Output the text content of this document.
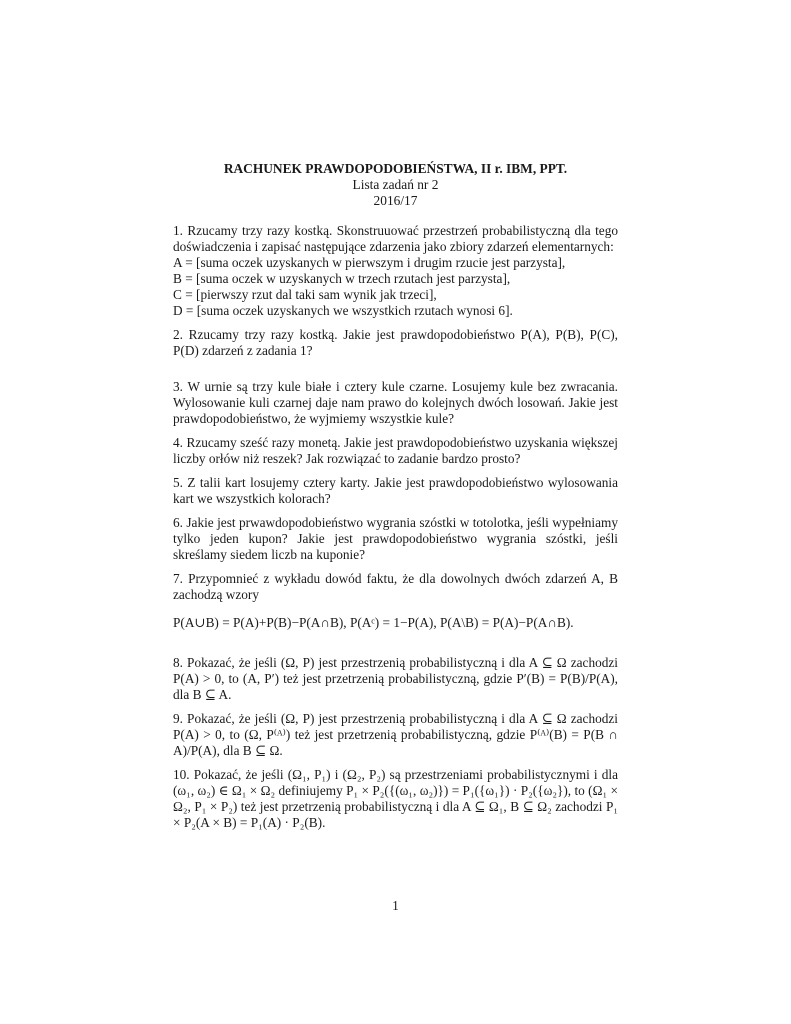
RACHUNEK PRAWDOPODOBIEŃSTWA, II r. IBM, PPT.

Lista zadań nr 2

2016/17

1. Rzucamy trzy razy kostką. Skonstruuować przestrzeń probabilistyczną dla tego doświadczenia i zapisać następujące zdarzenia jako zbiory zdarzeń elementarnych:
A = [suma oczek uzyskanych w pierwszym i drugim rzucie jest parzysta],
B = [suma oczek w uzyskanych w trzech rzutach jest parzysta],
C = [pierwszy rzut dal taki sam wynik jak trzeci],
D = [suma oczek uzyskanych we wszystkich rzutach wynosi 6].

2. Rzucamy trzy razy kostką. Jakie jest prawdopodobieństwo P(A), P(B), P(C), P(D) zdarzeń z zadania 1?

3. W urnie są trzy kule białe i cztery kule czarne. Losujemy kule bez zwracania. Wylosowanie kuli czarnej daje nam prawo do kolejnych dwóch losowań. Jakie jest prawdopodobieństwo, że wyjmiemy wszystkie kule?

4. Rzucamy sześć razy monetą. Jakie jest prawdopodobieństwo uzyskania większej liczby orłów niż reszek? Jak rozwiązać to zadanie bardzo prosto?

5. Z talii kart losujemy cztery karty. Jakie jest prawdopodobieństwo wylosowania kart we wszystkich kolorach?

6. Jakie jest prwawdopodobieństwo wygrania szóstki w totolotka, jeśli wypełniamy tylko jeden kupon? Jakie jest prawdopodobieństwo wygrania szóstki, jeśli skreślamy siedem liczb na kuponie?

7. Przypomnieć z wykładu dowód faktu, że dla dowolnych dwóch zdarzeń A, B zachodzą wzory
P(A∪B) = P(A)+P(B)−P(A∩B), P(Aᶜ) = 1−P(A), P(A\B) = P(A)−P(A∩B).

8. Pokazać, że jeśli (Ω, P) jest przestrzenią probabilistyczną i dla A ⊆ Ω zachodzi P(A) > 0, to (A, P′) też jest przetrzenią probabilistyczną, gdzie P′(B) = P(B)/P(A), dla B ⊆ A.

9. Pokazać, że jeśli (Ω, P) jest przestrzenią probabilistyczną i dla A ⊆ Ω zachodzi P(A) > 0, to (Ω, P⁽ᴬ⁾) też jest przetrzenią probabilistyczną, gdzie P⁽ᴬ⁾(B) = P(B ∩ A)/P(A), dla B ⊆ Ω.

10. Pokazać, że jeśli (Ω₁, P₁) i (Ω₂, P₂) są przestrzeniami probabilistycznymi i dla (ω₁, ω₂) ∈ Ω₁ × Ω₂ definiujemy P₁ × P₂({(ω₁, ω₂)}) = P₁({ω₁}) · P₂({ω₂}), to (Ω₁ × Ω₂, P₁ × P₂) też jest przetrzenią probabilistyczną i dla A ⊆ Ω₁, B ⊆ Ω₂ zachodzi P₁ × P₂(A × B) = P₁(A) · P₂(B).

1
